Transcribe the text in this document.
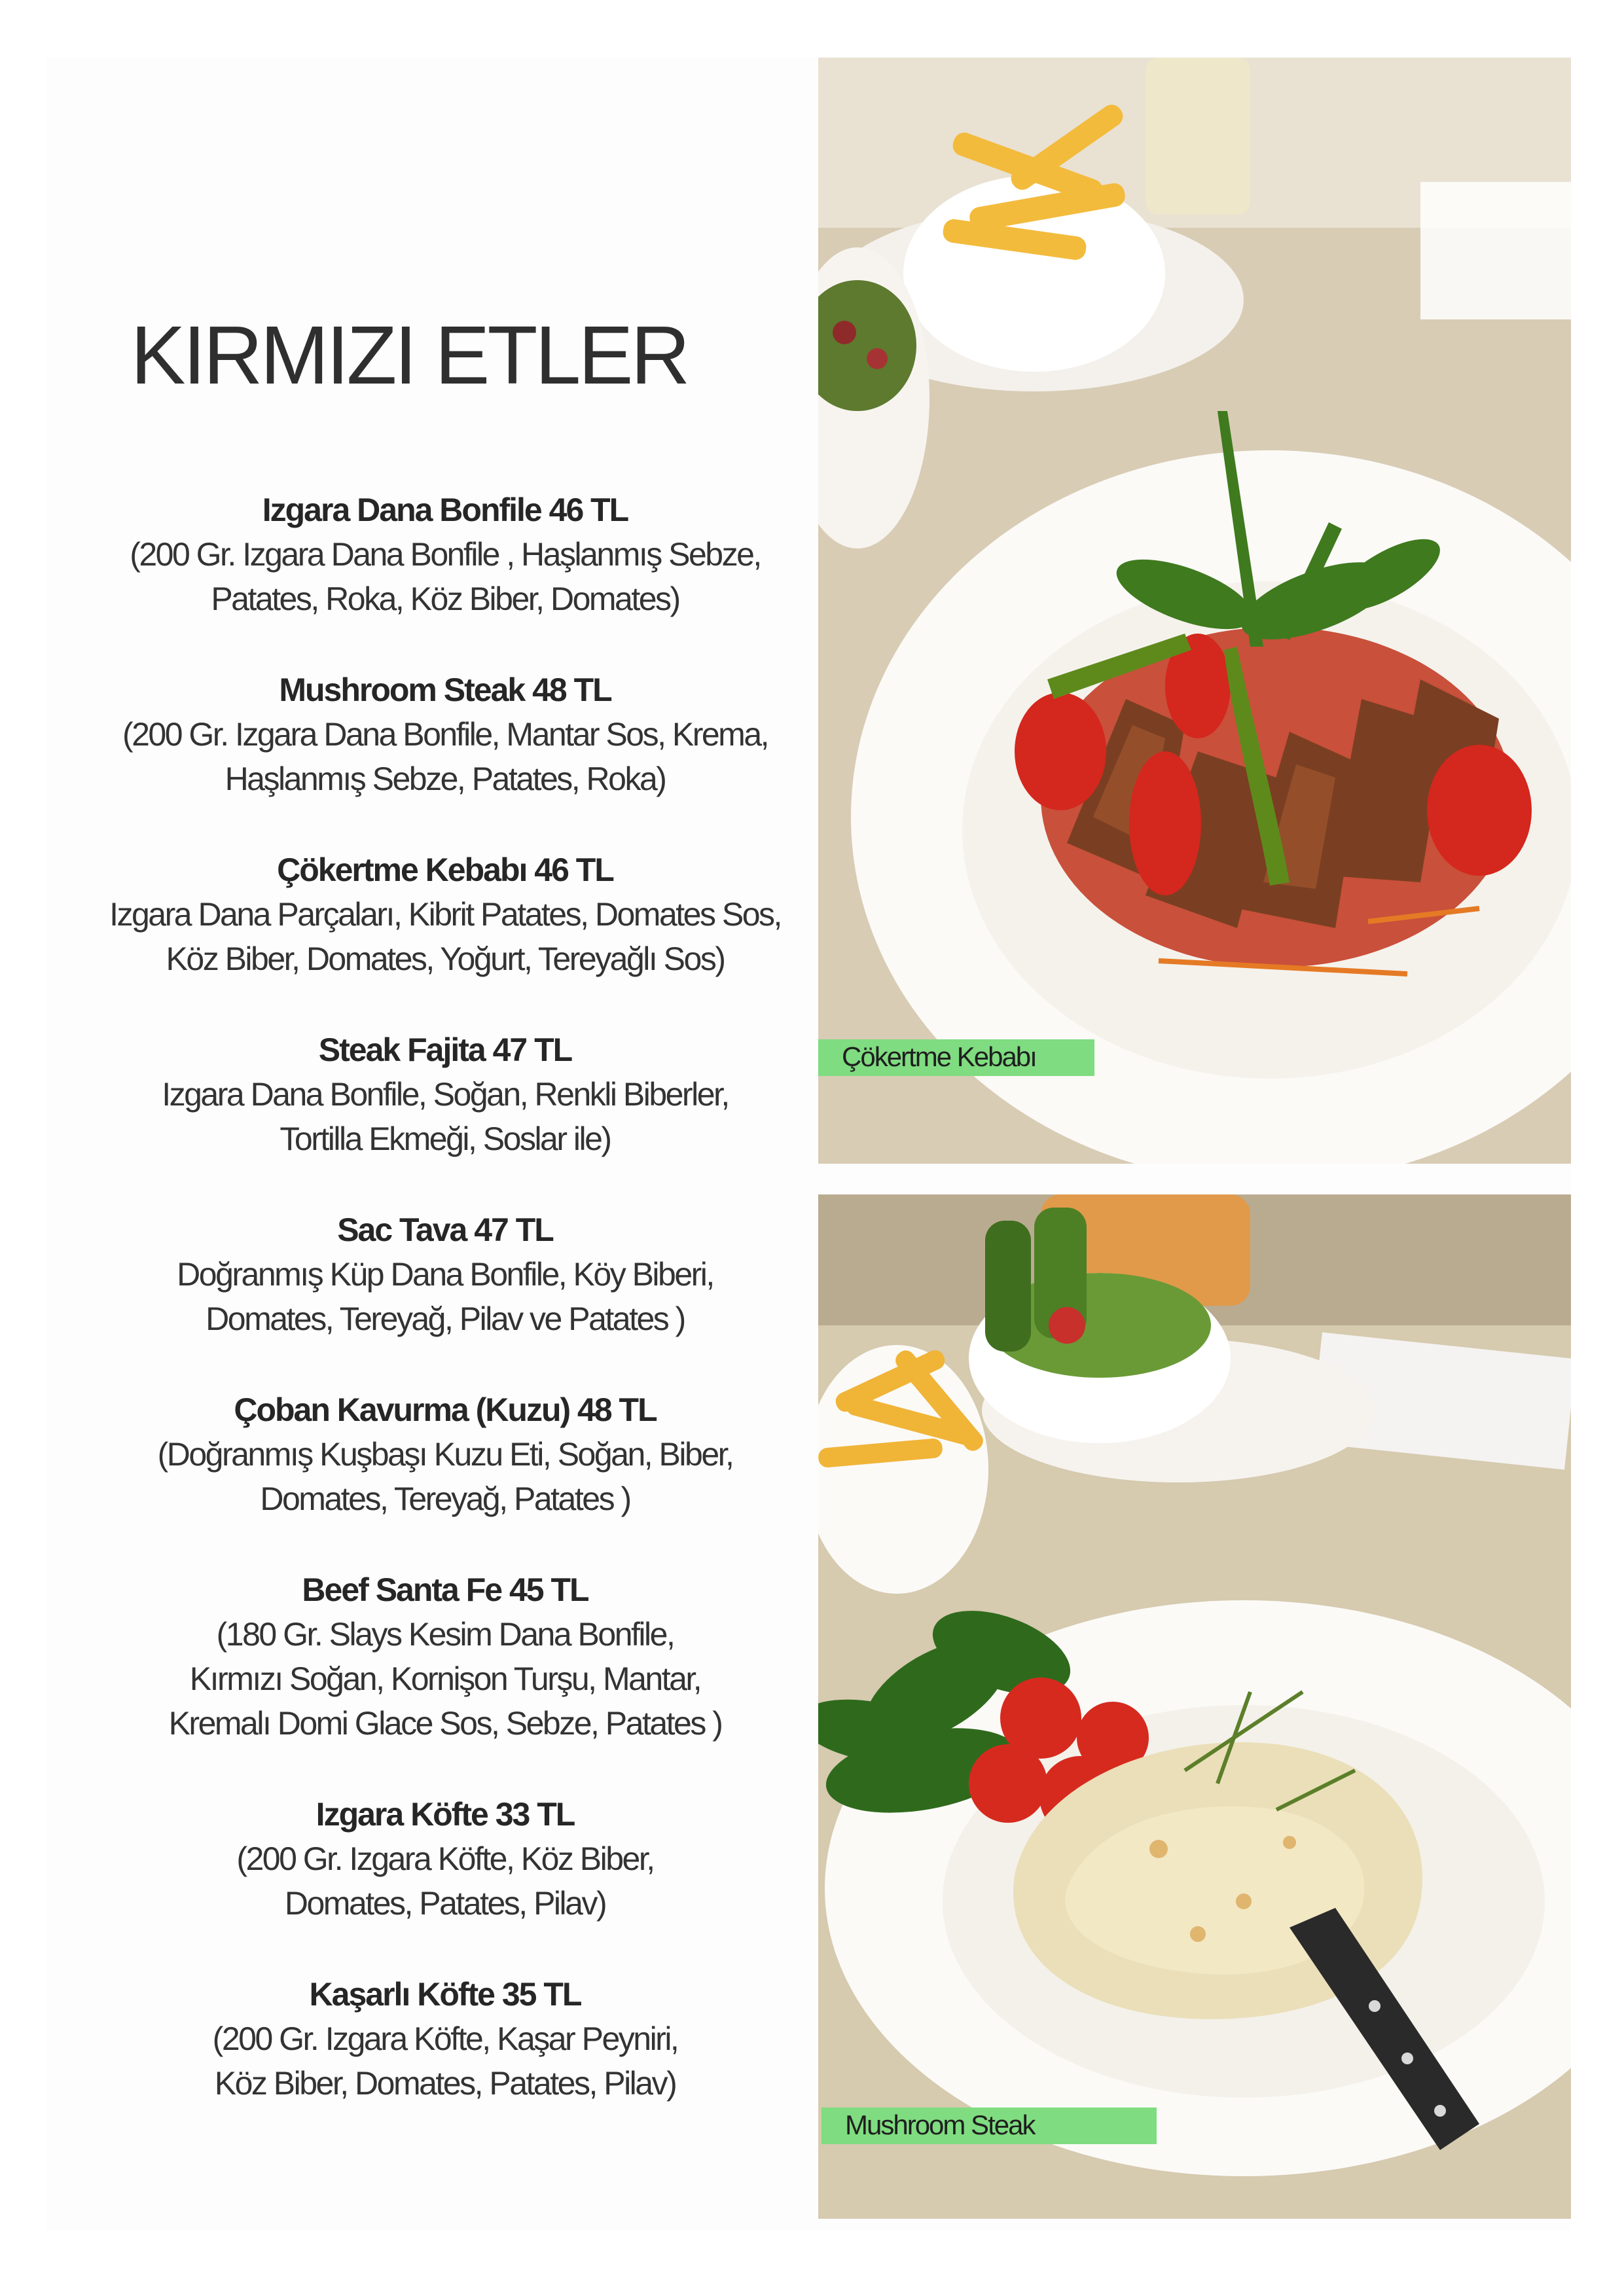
KIRMIZI ETLER
Izgara Dana Bonfile 46 TL
(200 Gr. Izgara Dana Bonfile , Haşlanmış Sebze,
Patates, Roka, Köz Biber, Domates)
Mushroom Steak 48 TL
(200 Gr. Izgara Dana Bonfile, Mantar Sos, Krema,
Haşlanmış Sebze, Patates, Roka)
Çökertme Kebabı 46 TL
Izgara Dana Parçaları, Kibrit Patates, Domates Sos,
Köz Biber, Domates, Yoğurt, Tereyağlı Sos)
Steak Fajita 47 TL
Izgara Dana Bonfile, Soğan, Renkli Biberler,
Tortilla Ekmeği, Soslar ile)
Sac Tava 47 TL
Doğranmış Küp Dana Bonfile, Köy Biberi,
Domates, Tereyağ, Pilav ve Patates )
Çoban Kavurma (Kuzu) 48 TL
(Doğranmış Kuşbaşı Kuzu Eti, Soğan, Biber,
Domates, Tereyağ, Patates )
Beef Santa Fe 45 TL
(180 Gr. Slays Kesim Dana Bonfile,
Kırmızı Soğan, Kornişon Turşu, Mantar,
Kremalı Domi Glace Sos, Sebze, Patates )
Izgara Köfte 33 TL
(200 Gr. Izgara Köfte, Köz Biber,
Domates, Patates, Pilav)
Kaşarlı Köfte 35 TL
(200 Gr. Izgara Köfte, Kaşar Peyniri,
Köz Biber, Domates, Patates, Pilav)
Çökertme Kebabı
Mushroom Steak
